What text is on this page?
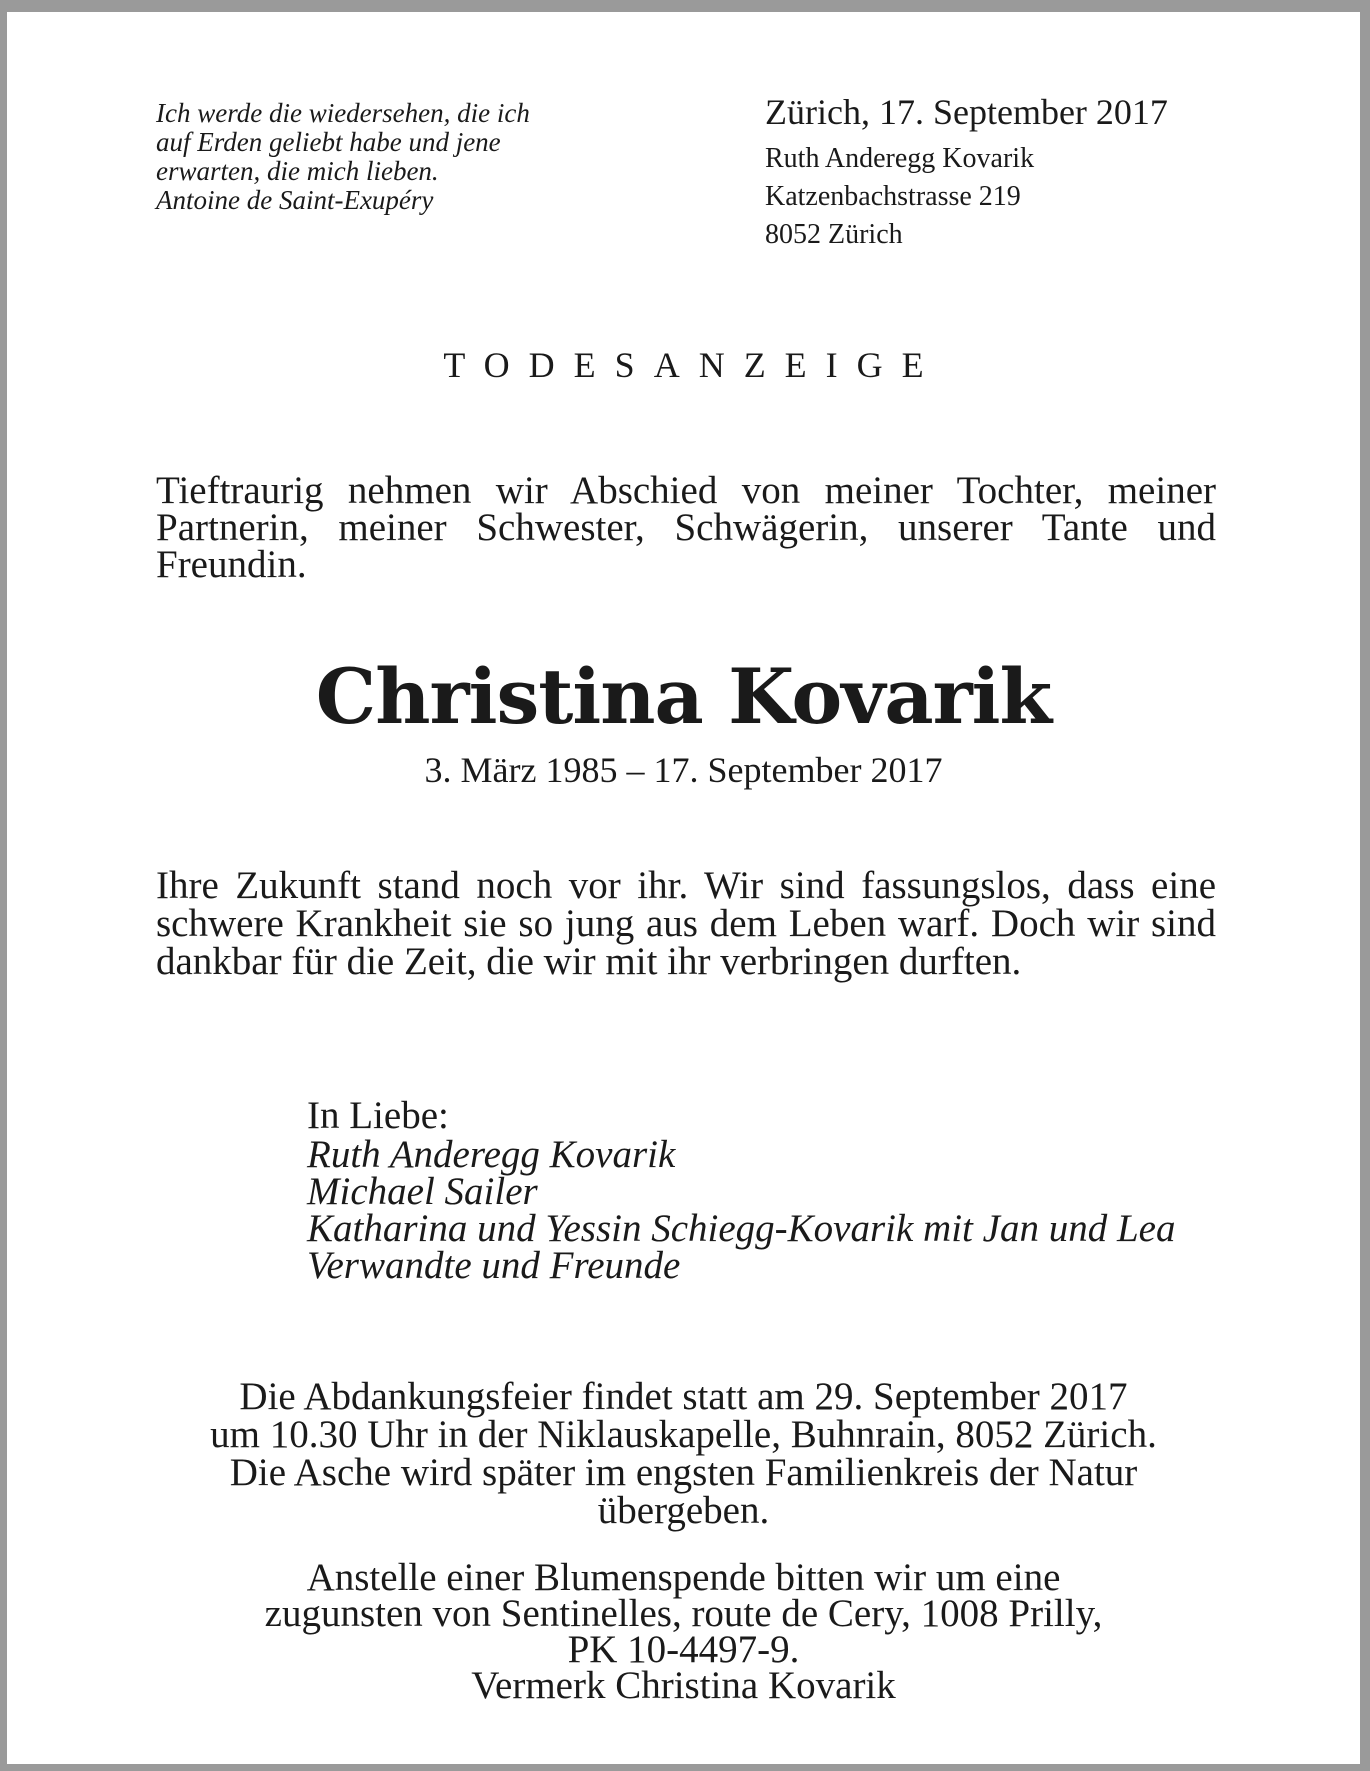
Ich werde die wiedersehen, die ich
auf Erden geliebt habe und jene
erwarten, die mich lieben.
Antoine de Saint-Exupéry
Zürich, 17. September 2017
Ruth Anderegg Kovarik
Katzenbachstrasse 219
8052 Zürich
TODESANZEIGE
Tieftraurig nehmen wir Abschied von meiner Tochter, meiner Partnerin, meiner Schwester, Schwägerin, unserer Tante und Freundin.
Christina Kovarik
3. März 1985 – 17. September 2017
Ihre Zukunft stand noch vor ihr. Wir sind fassungslos, dass eine schwere Krankheit sie so jung aus dem Leben warf. Doch wir sind dankbar für die Zeit, die wir mit ihr verbringen durften.
In Liebe:
Ruth Anderegg Kovarik
Michael Sailer
Katharina und Yessin Schiegg-Kovarik mit Jan und Lea
Verwandte und Freunde
Die Abdankungsfeier findet statt am 29. September 2017
um 10.30 Uhr in der Niklauskapelle, Buhnrain, 8052 Zürich.
Die Asche wird später im engsten Familienkreis der Natur
übergeben.
Anstelle einer Blumenspende bitten wir um eine
zugunsten von Sentinelles, route de Cery, 1008 Prilly,
PK 10-4497-9.
Vermerk Christina Kovarik
